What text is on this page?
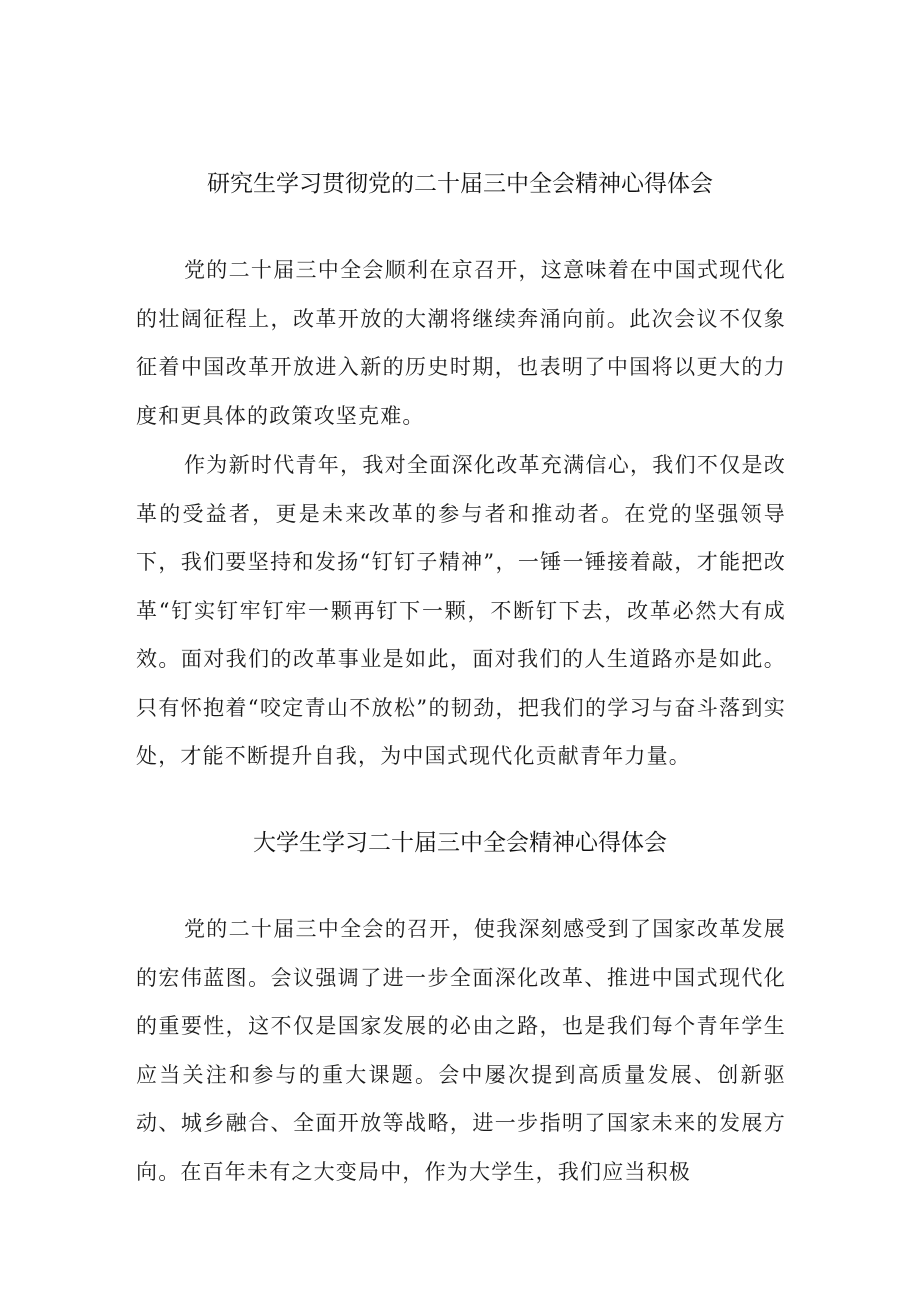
研究生学习贯彻党的二十届三中全会精神心得体会

党的二十届三中全会顺利在京召开，这意味着在中国式现代化的壮阔征程上，改革开放的大潮将继续奔涌向前。此次会议不仅象征着中国改革开放进入新的历史时期，也表明了中国将以更大的力度和更具体的政策攻坚克难。

作为新时代青年，我对全面深化改革充满信心，我们不仅是改革的受益者，更是未来改革的参与者和推动者。在党的坚强领导下，我们要坚持和发扬“钉钉子精神”，一锤一锤接着敲，才能把改革“钉实钉牢钉牢一颗再钉下一颗，不断钉下去，改革必然大有成效。面对我们的改革事业是如此，面对我们的人生道路亦是如此。只有怀抱着“咬定青山不放松”的韧劲，把我们的学习与奋斗落到实处，才能不断提升自我，为中国式现代化贡献青年力量。

大学生学习二十届三中全会精神心得体会

党的二十届三中全会的召开，使我深刻感受到了国家改革发展的宏伟蓝图。会议强调了进一步全面深化改革、推进中国式现代化的重要性，这不仅是国家发展的必由之路，也是我们每个青年学生应当关注和参与的重大课题。会中屡次提到高质量发展、创新驱动、城乡融合、全面开放等战略，进一步指明了国家未来的发展方向。在百年未有之大变局中，作为大学生，我们应当积极
